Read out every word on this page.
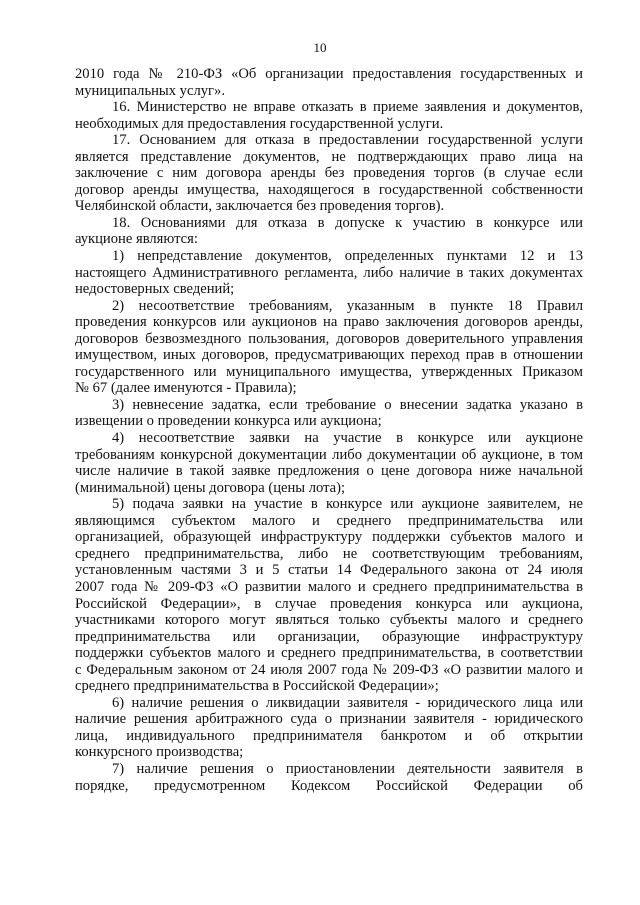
10
2010 года № 210-ФЗ «Об организации предоставления государственных и
муниципальных услуг».
16. Министерство не вправе отказать в приеме заявления и документов,
необходимых для предоставления государственной услуги.
17. Основанием для отказа в предоставлении государственной услуги
является представление документов, не подтверждающих право лица на
заключение с ним договора аренды без проведения торгов (в случае если
договор аренды имущества, находящегося в государственной собственности
Челябинской области, заключается без проведения торгов).
18. Основаниями для отказа в допуске к участию в конкурсе или
аукционе являются:
1) непредставление документов, определенных пунктами 12 и 13
настоящего Административного регламента, либо наличие в таких документах
недостоверных сведений;
2) несоответствие требованиям, указанным в пункте 18 Правил
проведения конкурсов или аукционов на право заключения договоров аренды,
договоров безвозмездного пользования, договоров доверительного управления
имуществом, иных договоров, предусматривающих переход прав в отношении
государственного или муниципального имущества, утвержденных Приказом
№ 67 (далее именуются - Правила);
3) невнесение задатка, если требование о внесении задатка указано в
извещении о проведении конкурса или аукциона;
4) несоответствие заявки на участие в конкурсе или аукционе
требованиям конкурсной документации либо документации об аукционе, в том
числе наличие в такой заявке предложения о цене договора ниже начальной
(минимальной) цены договора (цены лота);
5) подача заявки на участие в конкурсе или аукционе заявителем, не
являющимся субъектом малого и среднего предпринимательства или
организацией, образующей инфраструктуру поддержки субъектов малого и
среднего предпринимательства, либо не соответствующим требованиям,
установленным частями 3 и 5 статьи 14 Федерального закона от 24 июля
2007 года № 209-ФЗ «О развитии малого и среднего предпринимательства в
Российской Федерации», в случае проведения конкурса или аукциона,
участниками которого могут являться только субъекты малого и среднего
предпринимательства или организации, образующие инфраструктуру
поддержки субъектов малого и среднего предпринимательства, в соответствии
с Федеральным законом от 24 июля 2007 года № 209-ФЗ «О развитии малого и
среднего предпринимательства в Российской Федерации»;
6) наличие решения о ликвидации заявителя - юридического лица или
наличие решения арбитражного суда о признании заявителя - юридического
лица, индивидуального предпринимателя банкротом и об открытии
конкурсного производства;
7) наличие решения о приостановлении деятельности заявителя в
порядке, предусмотренном Кодексом Российской Федерации об
